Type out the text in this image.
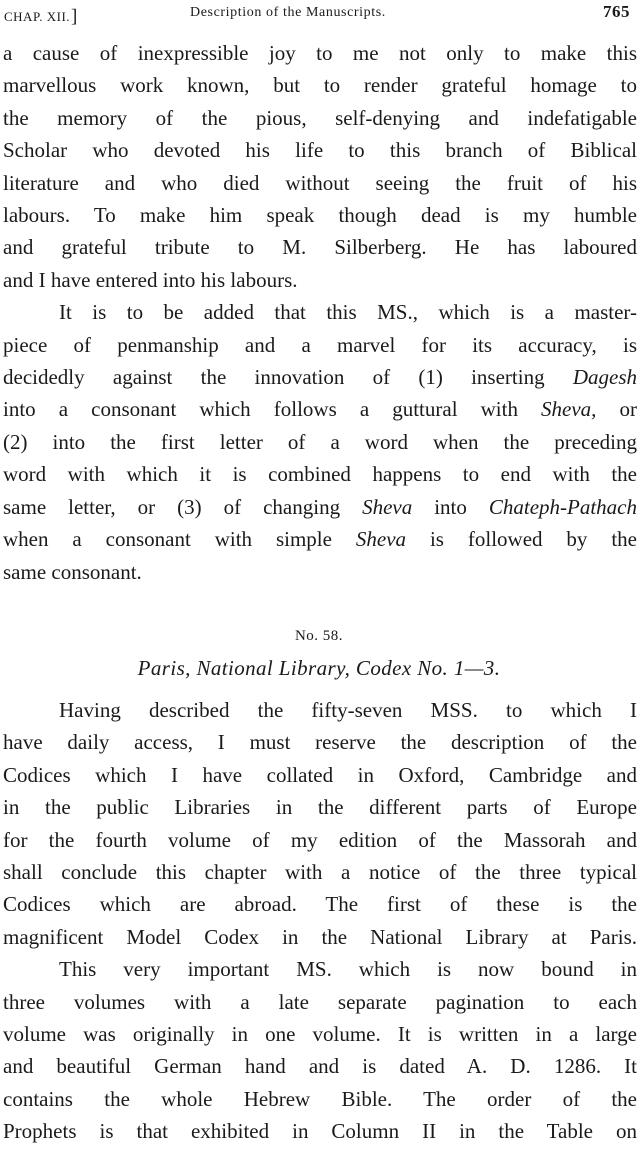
CHAP. XII.]	Description of the Manuscripts.	765

a cause of inexpressible joy to me not only to make this

marvellous work known, but to render grateful homage to

the memory of the pious, self-denying and indefatigable

Scholar who devoted his life to this branch of Biblical

literature and who died without seeing the fruit of his

labours. To make him speak though dead is my humble

and grateful tribute to M. Silberberg. He has laboured

and I have entered into his labours.

It is to be added that this MS., which is a master-

piece of penmanship and a marvel for its accuracy, is

decidedly against the innovation of (1) inserting Dagesh

into a consonant which follows a guttural with Sheva, or

(2) into the first letter of a word when the preceding

word with which it is combined happens to end with the

same letter, or (3) of changing Sheva into Chateph-Pathach

when a consonant with simple Sheva is followed by the

same consonant.

No. 58.
Paris, National Library, Codex No. 1—3.

Having described the fifty-seven MSS. to which I

have daily access, I must reserve the description of the

Codices which I have collated in Oxford, Cambridge and

in the public Libraries in the different parts of Europe

for the fourth volume of my edition of the Massorah and

shall conclude this chapter with a notice of the three typical

Codices which are abroad. The first of these is the

magnificent Model Codex in the National Library at Paris.

This very important MS. which is now bound in

three volumes with a late separate pagination to each

volume was originally in one volume. It is written in a large

and beautiful German hand and is dated A. D. 1286. It

contains the whole Hebrew Bible. The order of the

Prophets is that exhibited in Column II in the Table on
